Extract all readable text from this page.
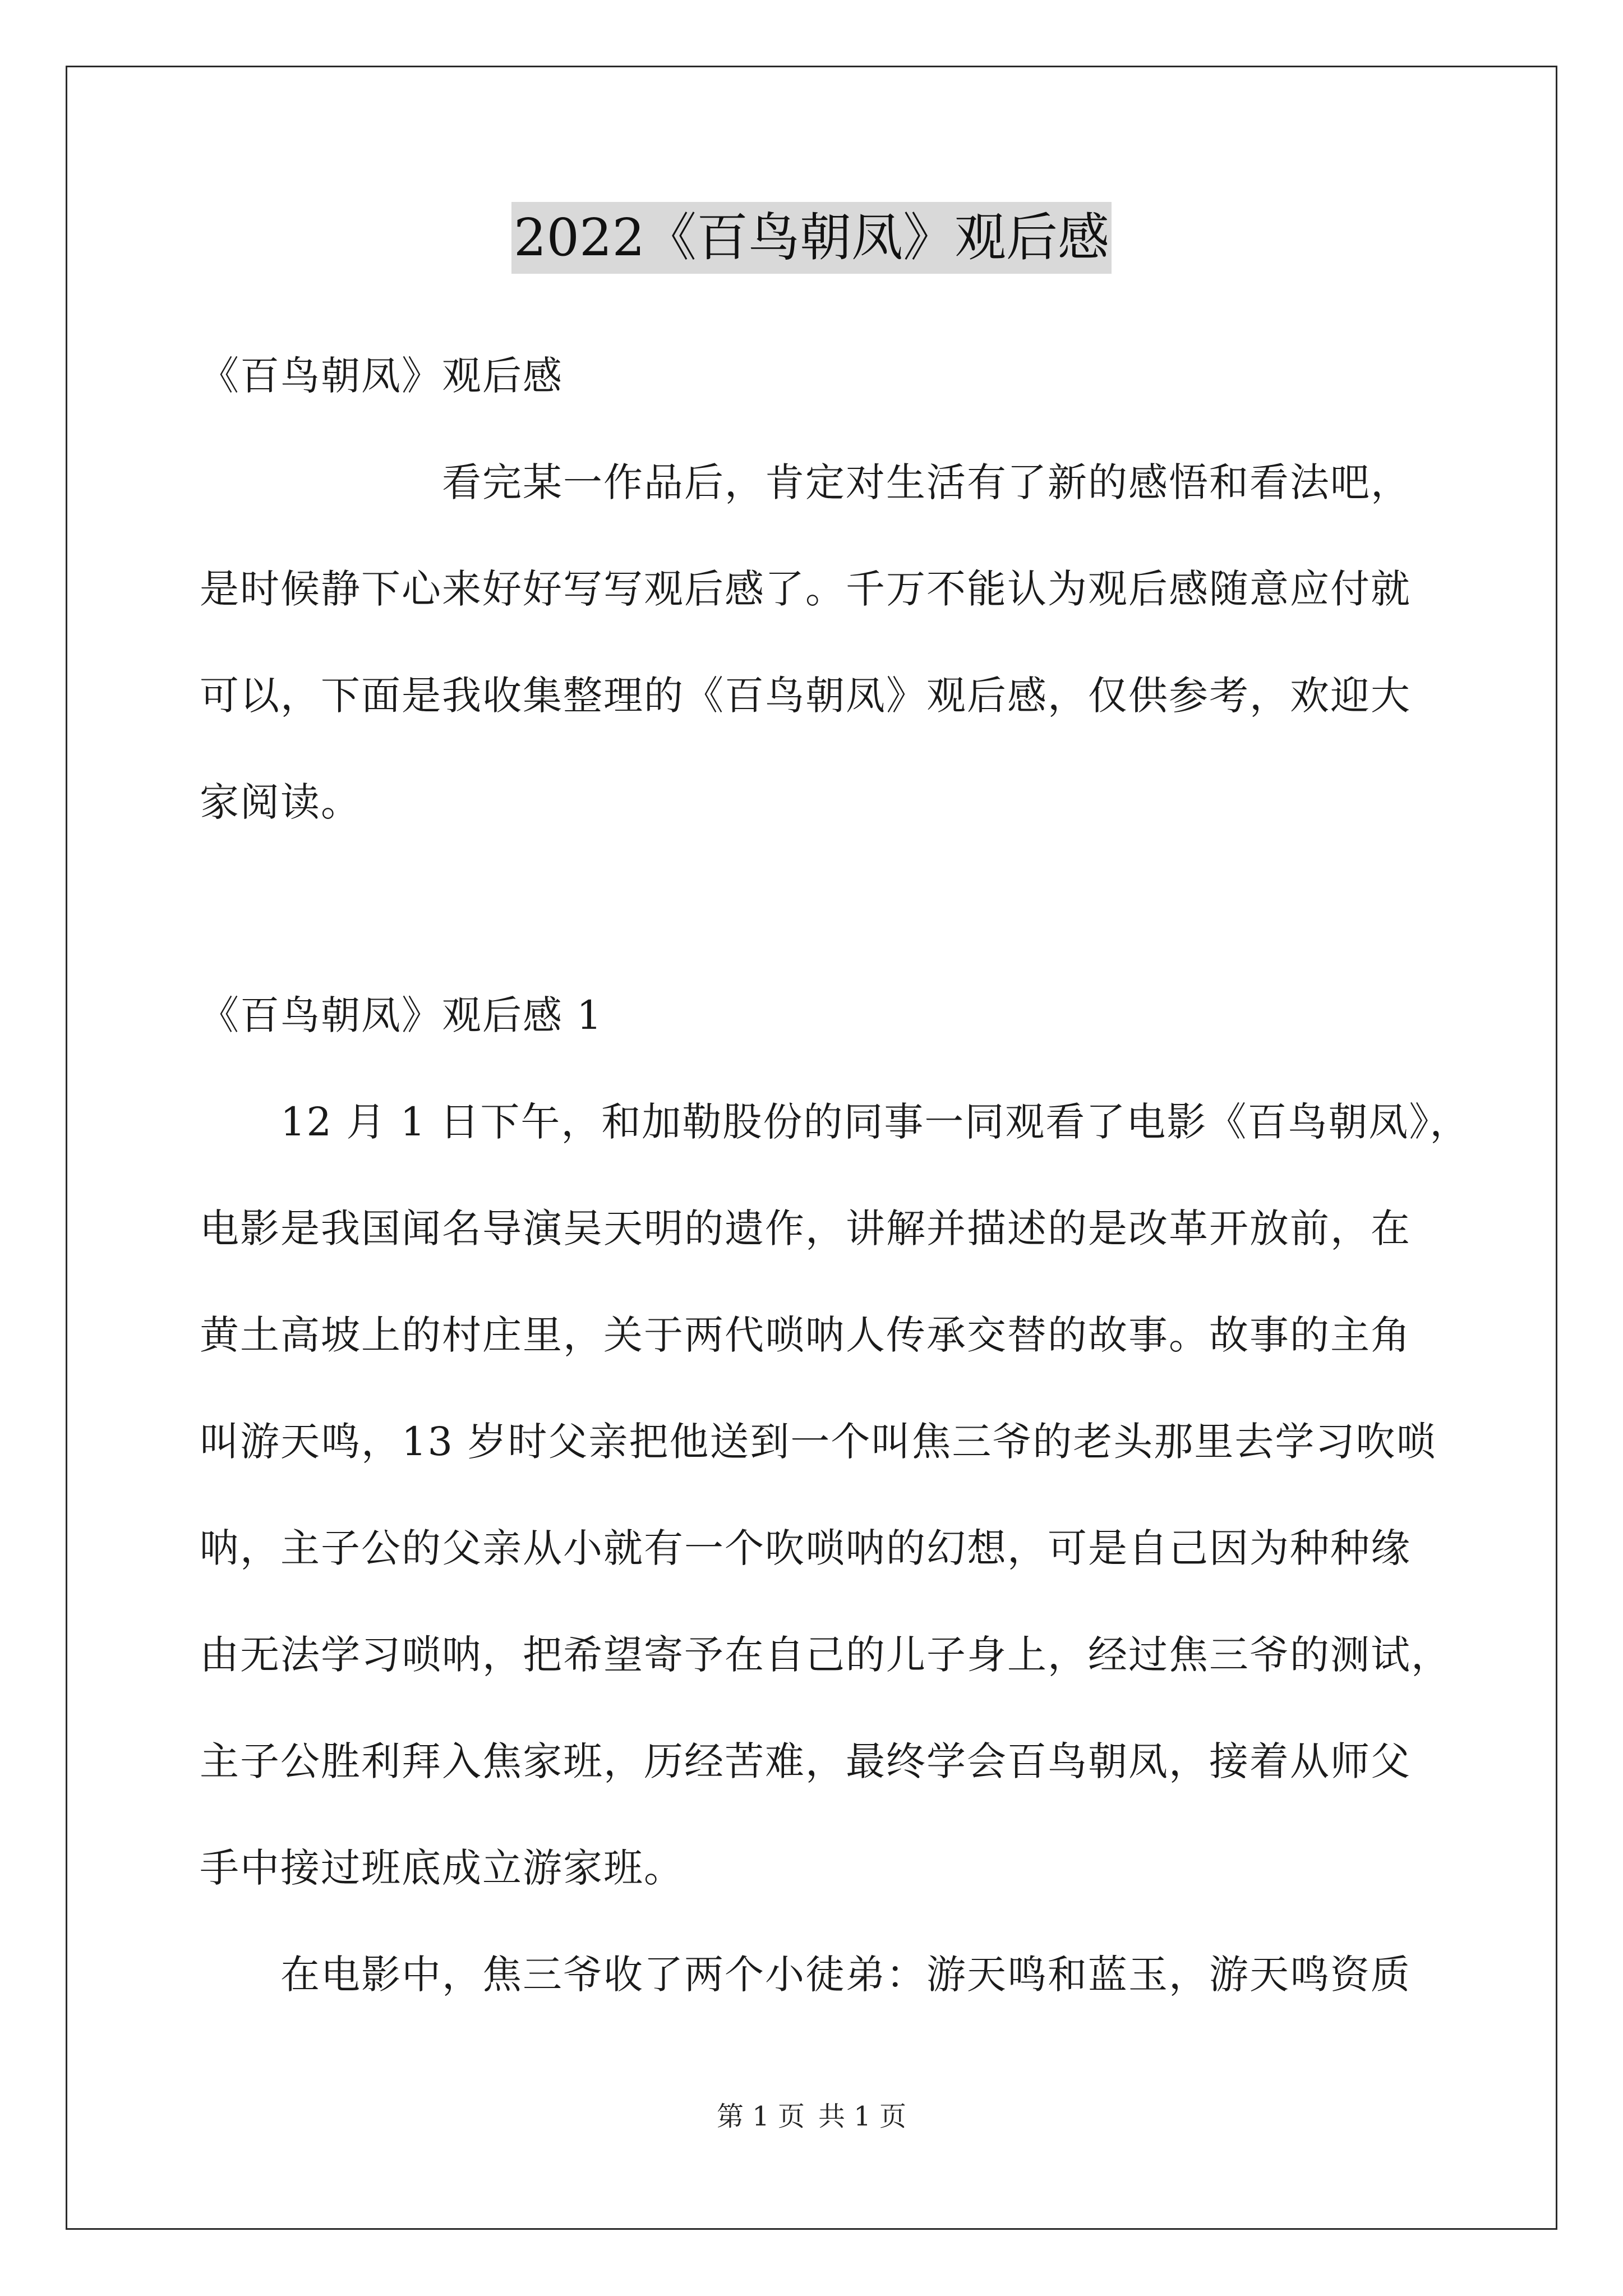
2022《百鸟朝凤》观后感
《百鸟朝凤》观后感
　　　　　　看完某一作品后，肯定对生活有了新的感悟和看法吧，
是时候静下心来好好写写观后感了。千万不能认为观后感随意应付就
可以，下面是我收集整理的《百鸟朝凤》观后感，仅供参考，欢迎大
家阅读。
《百鸟朝凤》观后感 1
　　12 月 1 日下午，和加勒股份的同事一同观看了电影《百鸟朝凤》，
电影是我国闻名导演吴天明的遗作，讲解并描述的是改革开放前，在
黄土高坡上的村庄里，关于两代唢呐人传承交替的故事。故事的主角
叫游天鸣，13 岁时父亲把他送到一个叫焦三爷的老头那里去学习吹唢
呐，主子公的父亲从小就有一个吹唢呐的幻想，可是自己因为种种缘
由无法学习唢呐，把希望寄予在自己的儿子身上，经过焦三爷的测试，
主子公胜利拜入焦家班，历经苦难，最终学会百鸟朝凤，接着从师父
手中接过班底成立游家班。
　　在电影中，焦三爷收了两个小徒弟：游天鸣和蓝玉，游天鸣资质
第 1 页 共 1 页
